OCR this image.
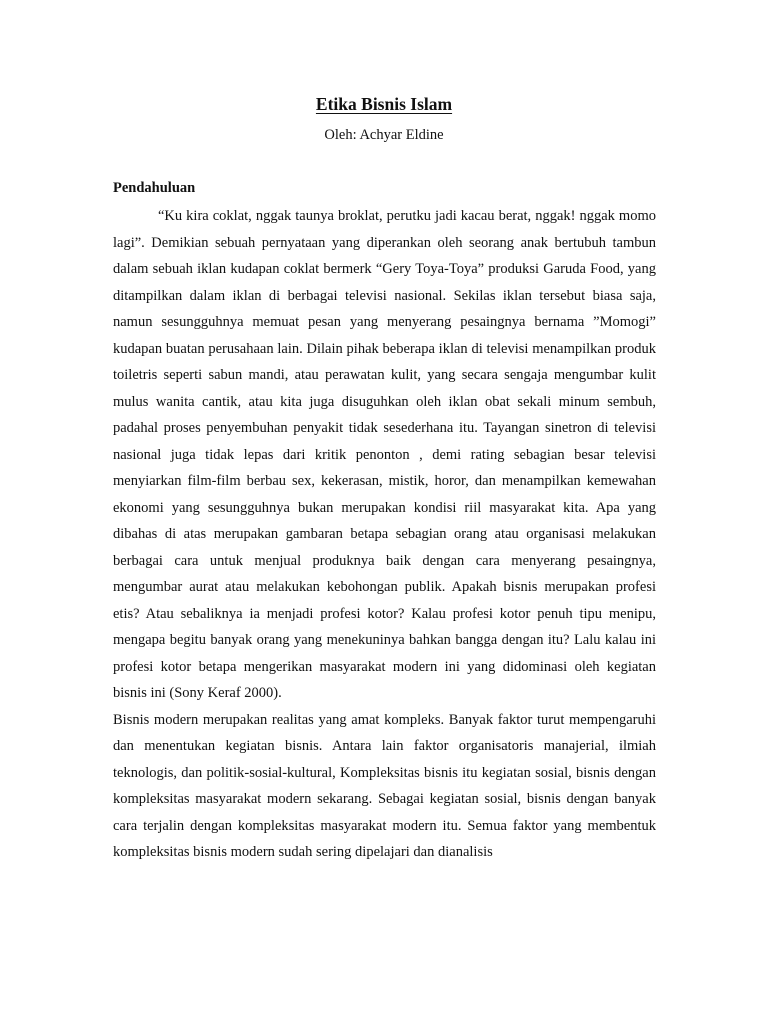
Etika Bisnis Islam
Oleh: Achyar Eldine
Pendahuluan

“Ku kira coklat, nggak taunya broklat, perutku jadi kacau berat, nggak! nggak momo lagi”. Demikian sebuah pernyataan yang diperankan oleh seorang anak bertubuh tambun dalam sebuah iklan kudapan coklat bermerk “Gery Toya-Toya” produksi Garuda Food, yang ditampilkan dalam iklan di berbagai televisi nasional. Sekilas iklan tersebut biasa saja, namun sesungguhnya memuat pesan yang menyerang pesaingnya bernama ”Momogi” kudapan buatan perusahaan lain. Dilain pihak beberapa iklan di televisi menampilkan produk toiletris seperti sabun mandi, atau perawatan kulit, yang secara sengaja mengumbar kulit mulus wanita cantik, atau kita juga disuguhkan oleh iklan obat sekali minum sembuh, padahal proses penyembuhan penyakit tidak sesederhana itu. Tayangan sinetron di televisi nasional juga tidak lepas dari kritik penonton , demi rating sebagian besar televisi menyiarkan film-film berbau sex, kekerasan, mistik, horor, dan menampilkan kemewahan ekonomi yang sesungguhnya bukan merupakan kondisi riil masyarakat kita. Apa yang dibahas di atas merupakan gambaran betapa sebagian orang atau organisasi melakukan berbagai cara untuk menjual produknya baik dengan cara menyerang pesaingnya, mengumbar aurat atau melakukan kebohongan publik. Apakah bisnis merupakan profesi etis? Atau sebaliknya ia menjadi profesi kotor? Kalau profesi kotor penuh tipu menipu, mengapa begitu banyak orang yang menekuninya bahkan bangga dengan itu? Lalu kalau ini profesi kotor betapa mengerikan masyarakat modern ini yang didominasi oleh kegiatan bisnis ini (Sony Keraf 2000).

Bisnis modern merupakan realitas yang amat kompleks. Banyak faktor turut mempengaruhi dan menentukan kegiatan bisnis. Antara lain faktor organisatoris manajerial, ilmiah teknologis, dan politik-sosial-kultural, Kompleksitas bisnis itu kegiatan sosial, bisnis dengan kompleksitas masyarakat modern sekarang. Sebagai kegiatan sosial, bisnis dengan banyak cara terjalin dengan kompleksitas masyarakat modern itu. Semua faktor yang membentuk kompleksitas bisnis modern sudah sering dipelajari dan dianalisis
